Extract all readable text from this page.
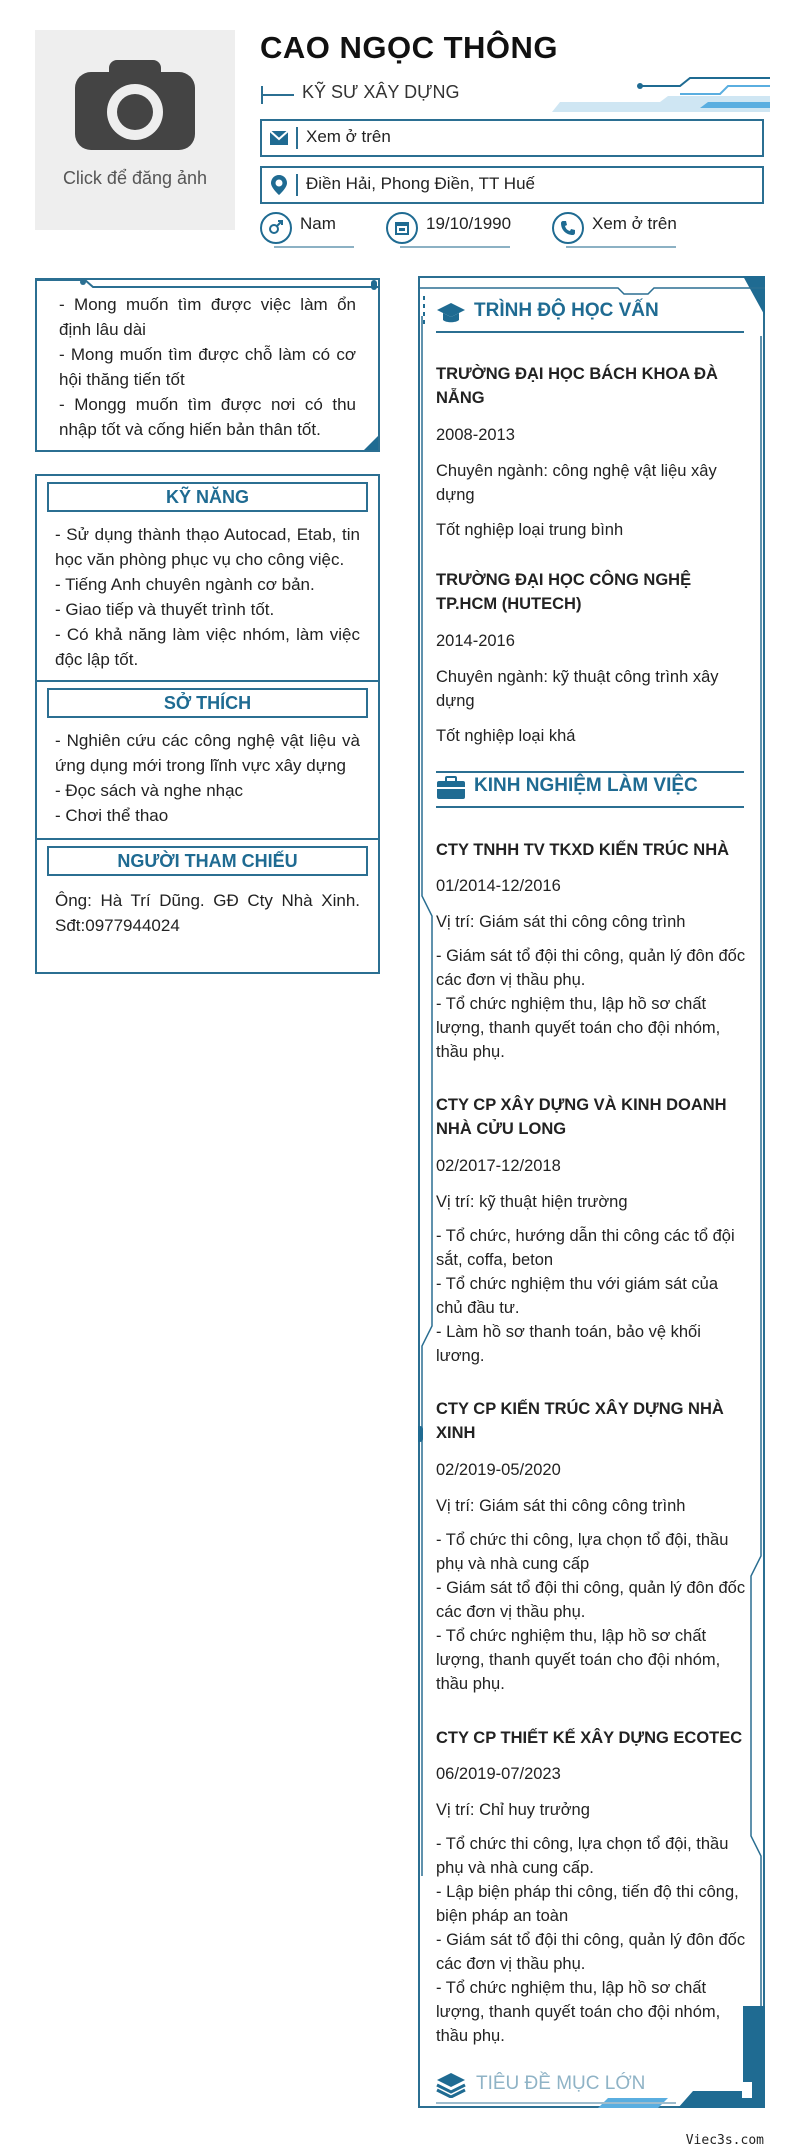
Click để đăng ảnh
CAO NGỌC THÔNG
KỸ SƯ XÂY DỰNG
Xem ở trên
Điền Hải, Phong Điền, TT Huế
Nam	19/10/1990	Xem ở trên
- Mong muốn tìm được việc làm ổn định lâu dài
- Mong muốn tìm được chỗ làm có cơ hội thăng tiến tốt
- Mongg muốn tìm được nơi có thu nhập tốt và cống hiến bản thân tốt.
KỸ NĂNG
- Sử dụng thành thạo Autocad, Etab, tin học văn phòng phục vụ cho công việc.
- Tiếng Anh chuyên ngành cơ bản.
- Giao tiếp và thuyết trình tốt.
- Có khả năng làm việc nhóm, làm việc độc lập tốt.
SỞ THÍCH
- Nghiên cứu các công nghệ vật liệu và ứng dụng mới trong lĩnh vực xây dựng
- Đọc sách và nghe nhạc
- Chơi thể thao
NGƯỜI THAM CHIẾU
Ông: Hà Trí Dũng. GĐ Cty Nhà Xinh. Sđt:0977944024
TRÌNH ĐỘ HỌC VẤN
TRƯỜNG ĐẠI HỌC BÁCH KHOA ĐÀ NẴNG
2008-2013
Chuyên ngành: công nghệ vật liệu xây dựng
Tốt nghiệp loại trung bình
TRƯỜNG ĐẠI HỌC CÔNG NGHỆ TP.HCM (HUTECH)
2014-2016
Chuyên ngành: kỹ thuật công trình xây dựng
Tốt nghiệp loại khá
KINH NGHIỆM LÀM VIỆC
CTY TNHH TV TKXD KIẾN TRÚC NHÀ
01/2014-12/2016
Vị trí: Giám sát thi công công trình
- Giám sát tổ đội thi công, quản lý đôn đốc các đơn vị thầu phụ.
- Tổ chức nghiệm thu, lập hồ sơ chất lượng, thanh quyết toán cho đội nhóm, thầu phụ.
CTY CP XÂY DỰNG VÀ KINH DOANH NHÀ CỬU LONG
02/2017-12/2018
Vị trí: kỹ thuật hiện trường
- Tổ chức, hướng dẫn thi công các tổ đội sắt, coffa, beton
- Tổ chức nghiệm thu với giám sát của chủ đầu tư.
- Làm hồ sơ thanh toán, bảo vệ khối lương.
CTY CP KIẾN TRÚC XÂY DỰNG NHÀ XINH
02/2019-05/2020
Vị trí: Giám sát thi công công trình
- Tổ chức thi công, lựa chọn tổ đội, thầu phụ và nhà cung cấp
- Giám sát tổ đội thi công, quản lý đôn đốc các đơn vị thầu phụ.
- Tổ chức nghiệm thu, lập hồ sơ chất lượng, thanh quyết toán cho đội nhóm, thầu phụ.
CTY CP THIẾT KẾ XÂY DỰNG ECOTEC
06/2019-07/2023
Vị trí: Chỉ huy trưởng
- Tổ chức thi công, lựa chọn tổ đội, thầu phụ và nhà cung cấp.
- Lập biện pháp thi công, tiến độ thi công, biện pháp an toàn
- Giám sát tổ đội thi công, quản lý đôn đốc các đơn vị thầu phụ.
- Tổ chức nghiệm thu, lập hồ sơ chất lượng, thanh quyết toán cho đội nhóm, thầu phụ.
TIÊU ĐỀ MỤC LỚN
Viec3s.com
